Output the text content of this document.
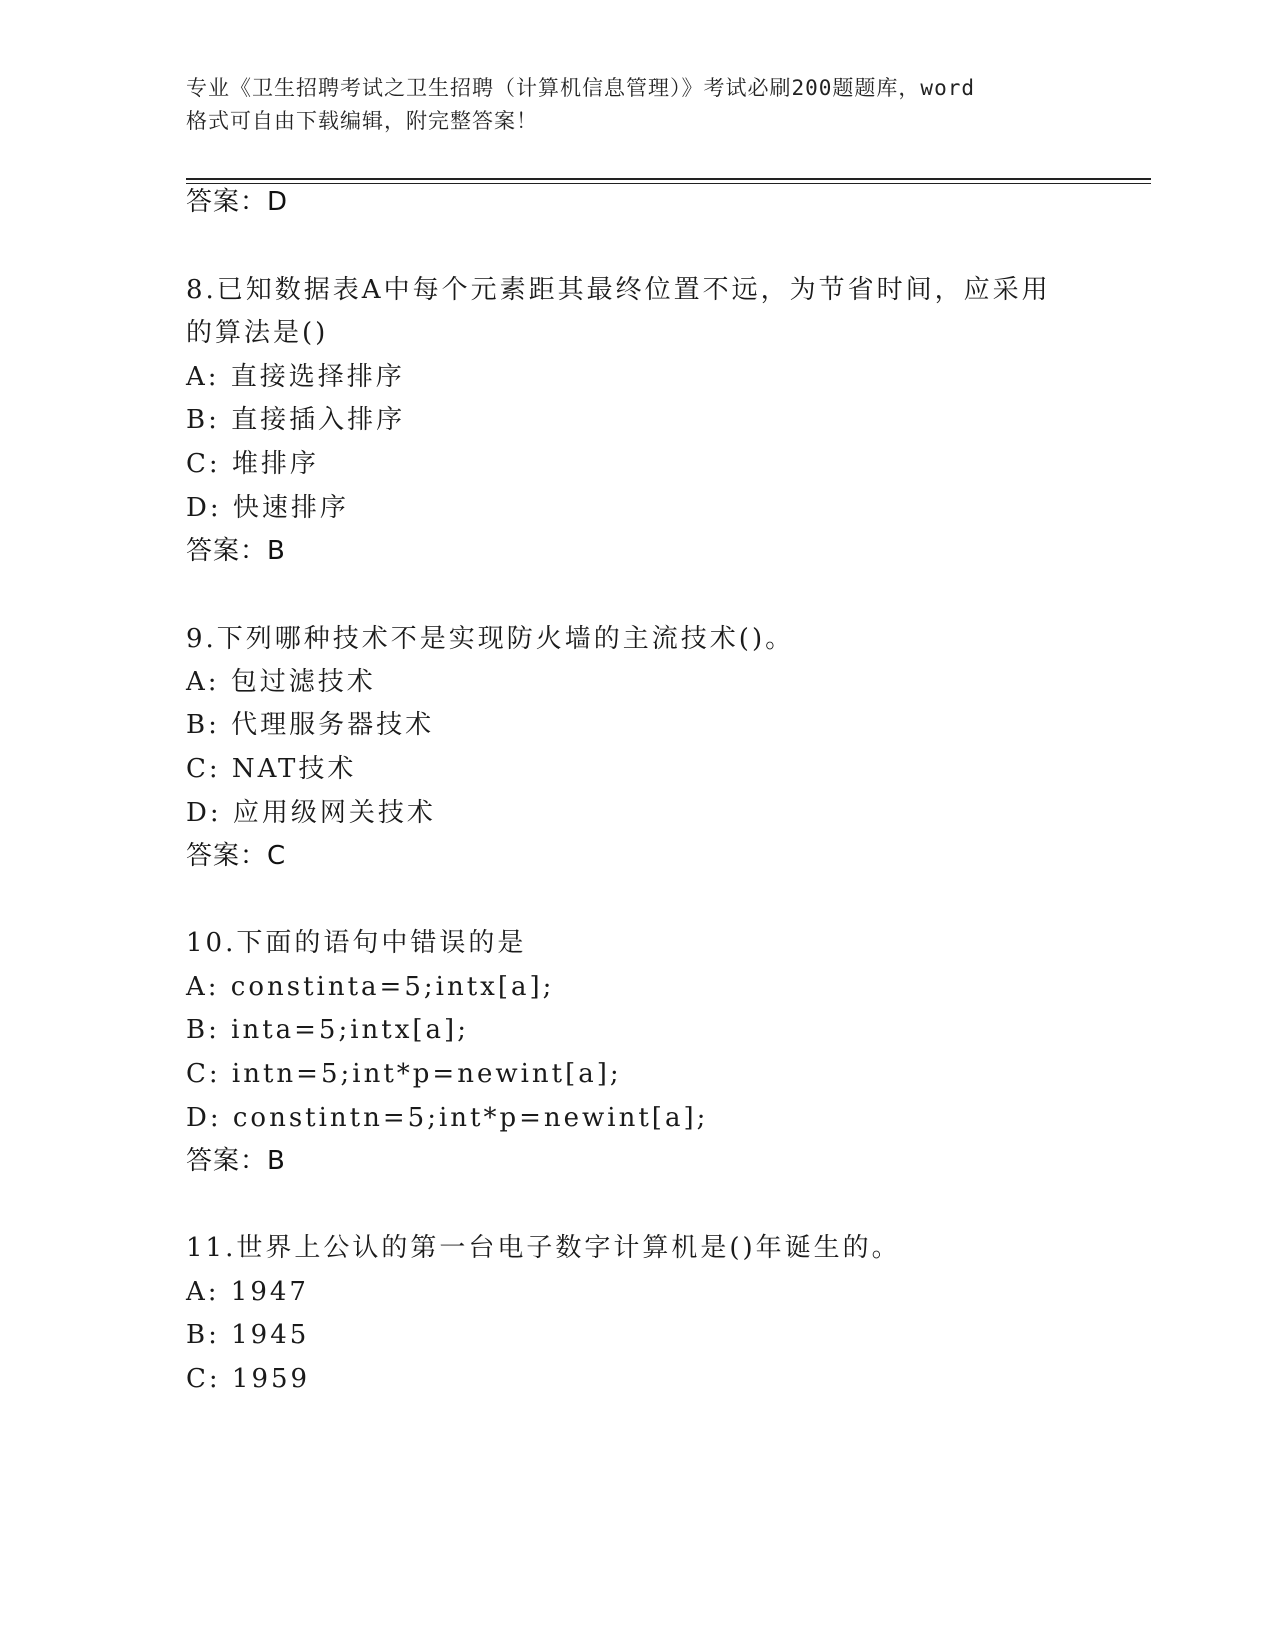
专业《卫生招聘考试之卫生招聘（计算机信息管理）》考试必刷200题题库，word
格式可自由下载编辑，附完整答案！
答案：D
8.已知数据表A中每个元素距其最终位置不远，为节省时间，应采用
的算法是()
A: 直接选择排序
B: 直接插入排序
C: 堆排序
D: 快速排序
答案：B
9.下列哪种技术不是实现防火墙的主流技术()。
A: 包过滤技术
B: 代理服务器技术
C: NAT技术
D: 应用级网关技术
答案：C
10.下面的语句中错误的是
A: constinta=5;intx[a];
B: inta=5;intx[a];
C: intn=5;int*p=newint[a];
D: constintn=5;int*p=newint[a];
答案：B
11.世界上公认的第一台电子数字计算机是()年诞生的。
A: 1947
B: 1945
C: 1959
